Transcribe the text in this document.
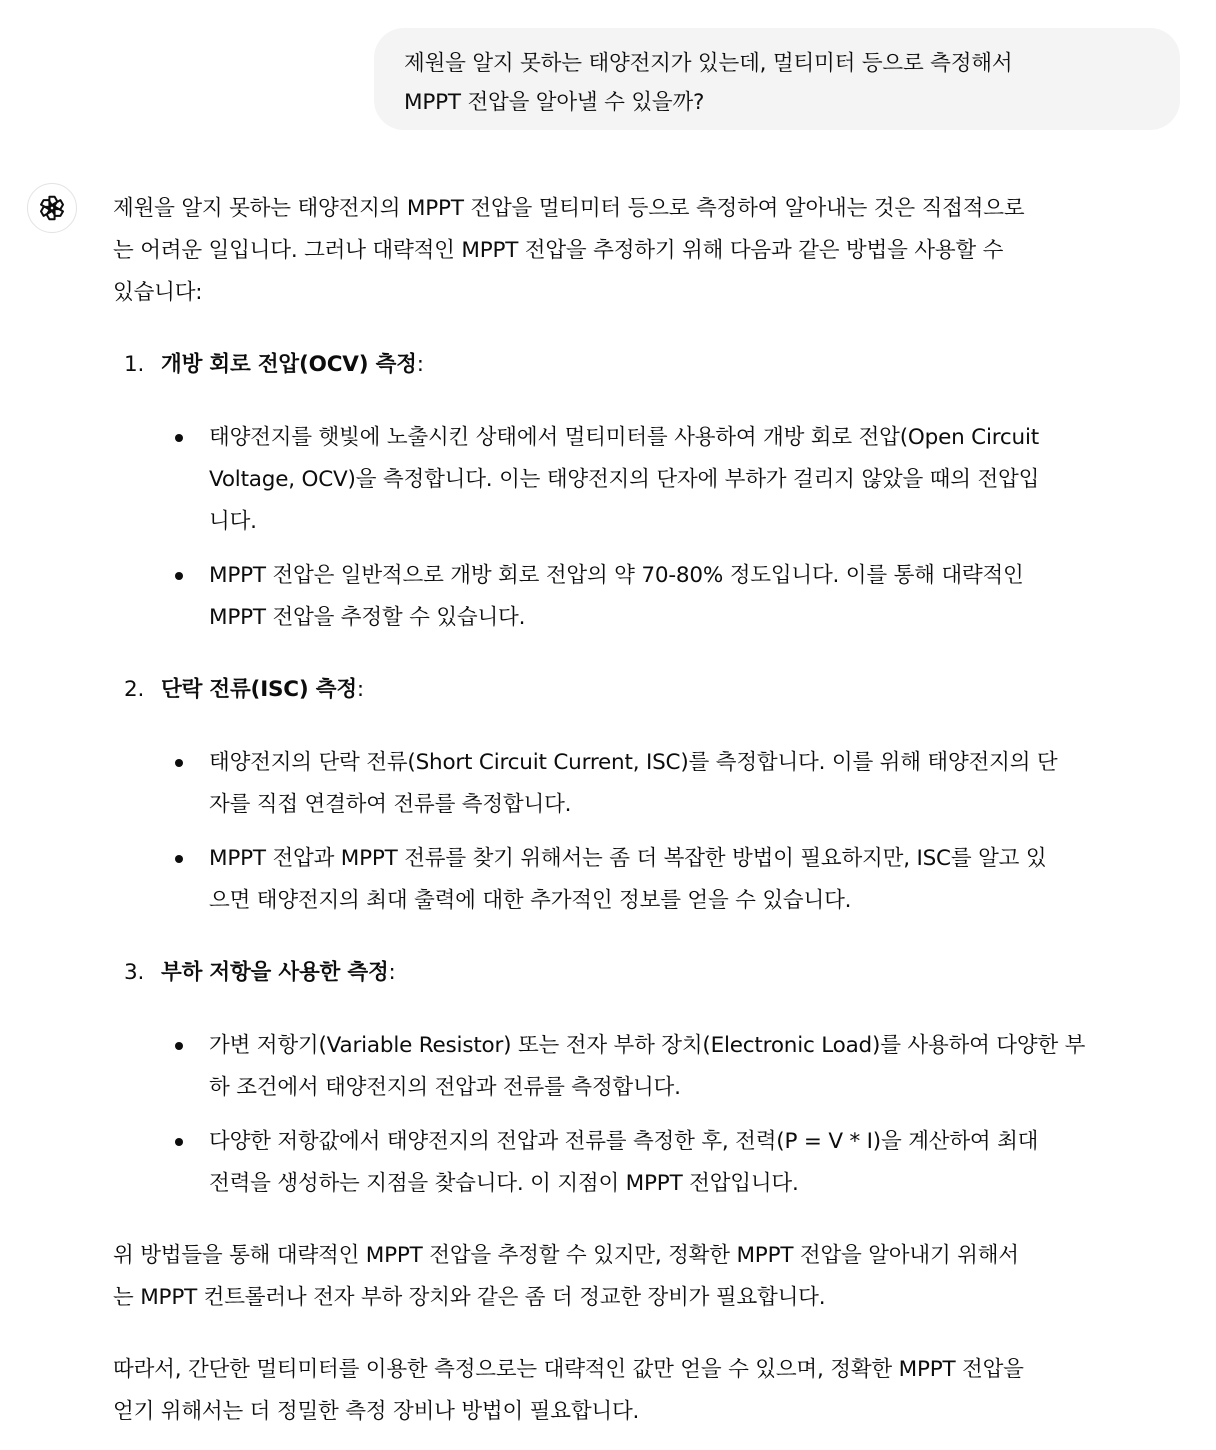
제원을 알지 못하는 태양전지가 있는데, 멀티미터 등으로 측정해서
MPPT 전압을 알아낼 수 있을까?
제원을 알지 못하는 태양전지의 MPPT 전압을 멀티미터 등으로 측정하여 알아내는 것은 직접적으로
는 어려운 일입니다. 그러나 대략적인 MPPT 전압을 추정하기 위해 다음과 같은 방법을 사용할 수
있습니다:
1. 개방 회로 전압(OCV) 측정:
태양전지를 햇빛에 노출시킨 상태에서 멀티미터를 사용하여 개방 회로 전압(Open Circuit
Voltage, OCV)을 측정합니다. 이는 태양전지의 단자에 부하가 걸리지 않았을 때의 전압입
니다.
MPPT 전압은 일반적으로 개방 회로 전압의 약 70-80% 정도입니다. 이를 통해 대략적인
MPPT 전압을 추정할 수 있습니다.
2. 단락 전류(ISC) 측정:
태양전지의 단락 전류(Short Circuit Current, ISC)를 측정합니다. 이를 위해 태양전지의 단
자를 직접 연결하여 전류를 측정합니다.
MPPT 전압과 MPPT 전류를 찾기 위해서는 좀 더 복잡한 방법이 필요하지만, ISC를 알고 있
으면 태양전지의 최대 출력에 대한 추가적인 정보를 얻을 수 있습니다.
3. 부하 저항을 사용한 측정:
가변 저항기(Variable Resistor) 또는 전자 부하 장치(Electronic Load)를 사용하여 다양한 부
하 조건에서 태양전지의 전압과 전류를 측정합니다.
다양한 저항값에서 태양전지의 전압과 전류를 측정한 후, 전력(P = V * I)을 계산하여 최대
전력을 생성하는 지점을 찾습니다. 이 지점이 MPPT 전압입니다.
위 방법들을 통해 대략적인 MPPT 전압을 추정할 수 있지만, 정확한 MPPT 전압을 알아내기 위해서
는 MPPT 컨트롤러나 전자 부하 장치와 같은 좀 더 정교한 장비가 필요합니다.
따라서, 간단한 멀티미터를 이용한 측정으로는 대략적인 값만 얻을 수 있으며, 정확한 MPPT 전압을
얻기 위해서는 더 정밀한 측정 장비나 방법이 필요합니다.
